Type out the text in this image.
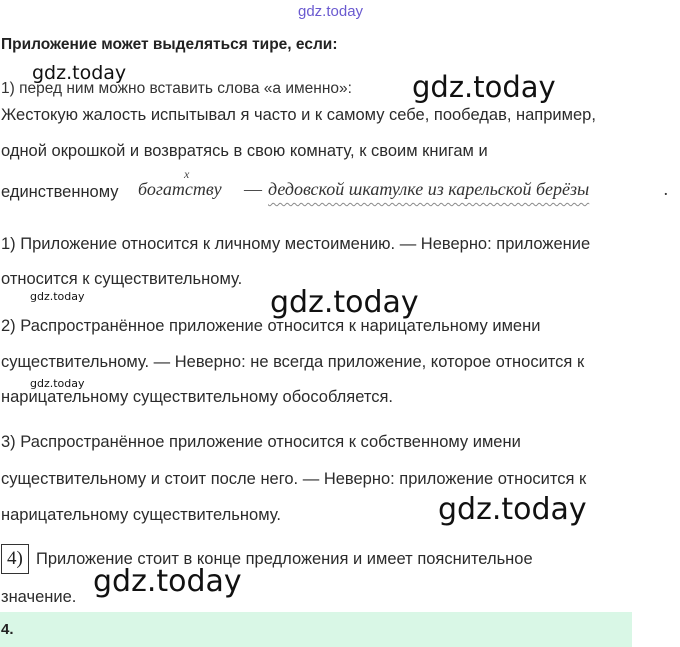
gdz.today
Приложение может выделяться тире, если:
gdz.today
1) перед ним можно вставить слова «а именно»: gdz.today
Жестокую жалость испытывал я часто и к самому себе, пообедав, например,
одной окрошкой и возвратясь в свою комнату, к своим книгам и
единственному
x
богатству — дедовской шкатулке из карельской берёзы	.
1) Приложение относится к личному местоимению. — Неверно: приложение
относится к существительному.
gdz.today	gdz.today
2) Распространённое приложение относится к нарицательному имени
существительному. — Неверно: не всегда приложение, которое относится к
gdz.today
нарицательному существительному обособляется.
3) Распространённое приложение относится к собственному имени
существительному и стоит после него. — Неверно: приложение относится к
нарицательному существительному.	gdz.today
4) Приложение стоит в конце предложения и имеет пояснительное
значение. gdz.today
4.
